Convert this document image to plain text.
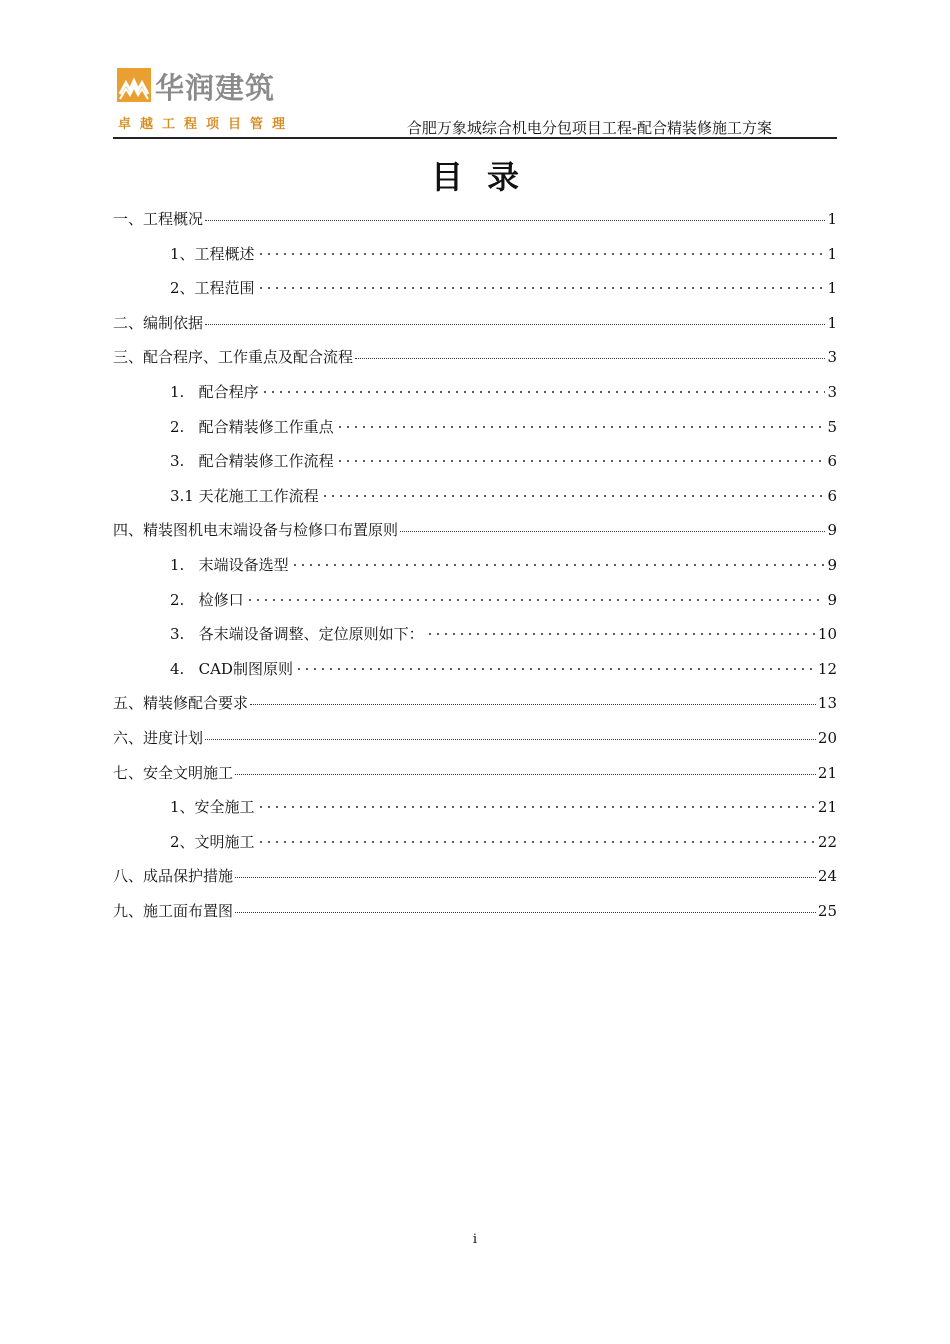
华润建筑
卓越工程项目管理	合肥万象城综合机电分包项目工程-配合精装修施工方案
目录
一、工程概况	1
1、工程概述	1
2、工程范围	1
二、编制依据	1
三、配合程序、工作重点及配合流程	3
1.   配合程序	3
2.   配合精装修工作重点	5
3.   配合精装修工作流程	6
3.1 天花施工工作流程	6
四、精装图机电末端设备与检修口布置原则	9
1.   末端设备选型	9
2.   检修口	9
3.   各末端设备调整、定位原则如下：	10
4.   CAD制图原则	12
五、精装修配合要求	13
六、进度计划	20
七、安全文明施工	21
1、安全施工	21
2、文明施工	22
八、成品保护措施	24
九、施工面布置图	25
i
